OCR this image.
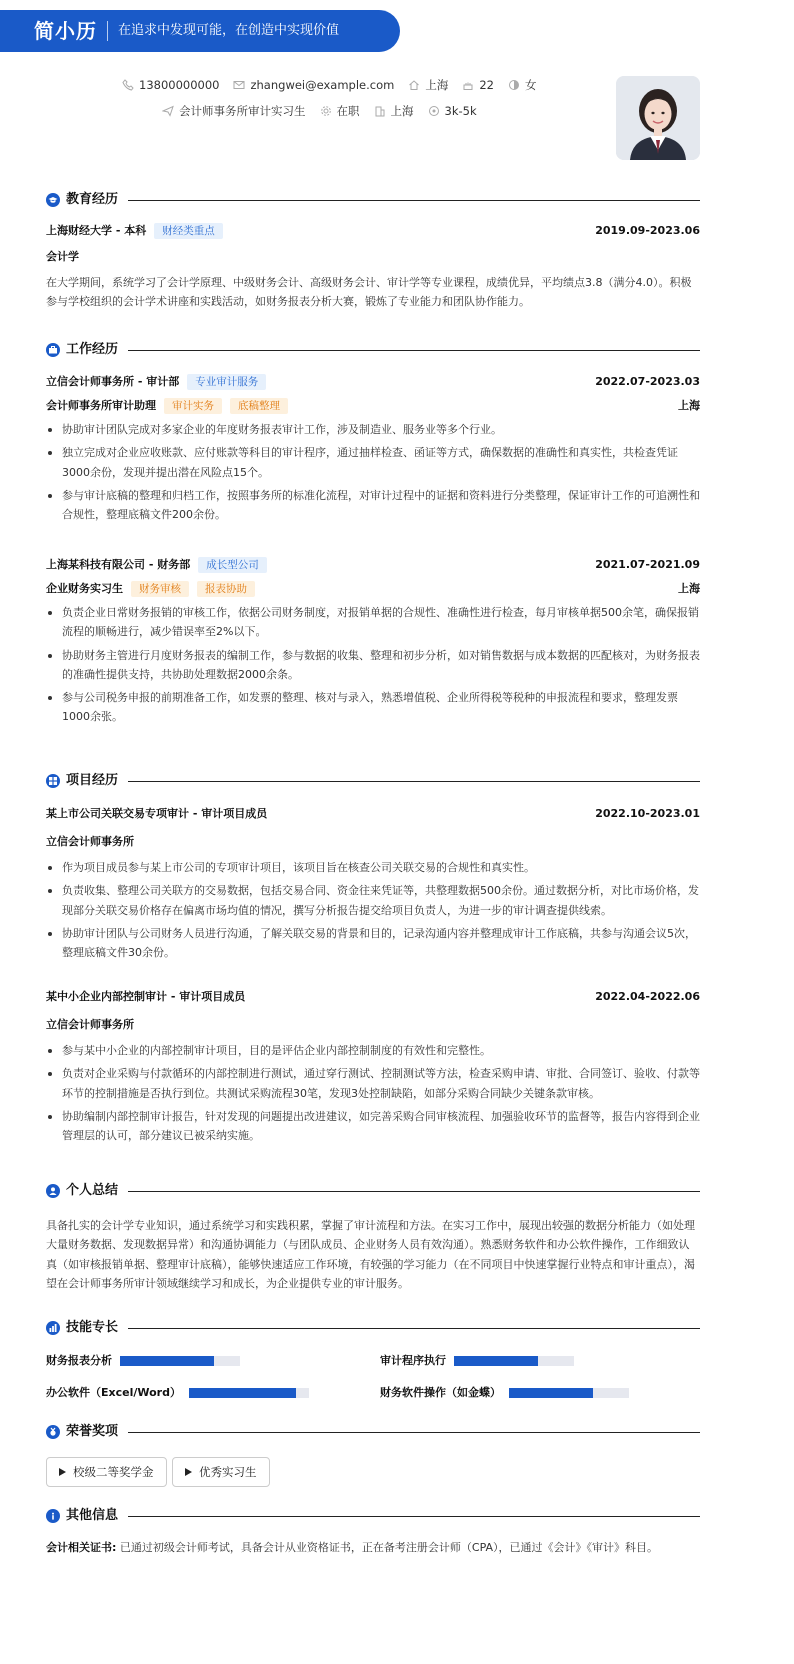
简小历 在追求中发现可能，在创造中实现价值
13800000000	zhangwei@example.com	上海	22	女
会计师事务所审计实习生	在职	上海	3k-5k
教育经历
上海财经大学 - 本科 财经类重点	2019.09-2023.06
会计学
在大学期间，系统学习了会计学原理、中级财务会计、高级财务会计、审计学等专业课程，成绩优异，平均绩点3.8（满分4.0）。积极参与学校组织的会计学术讲座和实践活动，如财务报表分析大赛，锻炼了专业能力和团队协作能力。
工作经历
立信会计师事务所 - 审计部 专业审计服务	2022.07-2023.03
会计师事务所审计助理 审计实务 底稿整理	上海
协助审计团队完成对多家企业的年度财务报表审计工作，涉及制造业、服务业等多个行业。
独立完成对企业应收账款、应付账款等科目的审计程序，通过抽样检查、函证等方式，确保数据的准确性和真实性，共检查凭证3000余份，发现并提出潜在风险点15个。
参与审计底稿的整理和归档工作，按照事务所的标准化流程，对审计过程中的证据和资料进行分类整理，保证审计工作的可追溯性和合规性，整理底稿文件200余份。
上海某科技有限公司 - 财务部 成长型公司	2021.07-2021.09
企业财务实习生 财务审核 报表协助	上海
负责企业日常财务报销的审核工作，依据公司财务制度，对报销单据的合规性、准确性进行检查，每月审核单据500余笔，确保报销流程的顺畅进行，减少错误率至2%以下。
协助财务主管进行月度财务报表的编制工作，参与数据的收集、整理和初步分析，如对销售数据与成本数据的匹配核对，为财务报表的准确性提供支持，共协助处理数据2000余条。
参与公司税务申报的前期准备工作，如发票的整理、核对与录入，熟悉增值税、企业所得税等税种的申报流程和要求，整理发票1000余张。
项目经历
某上市公司关联交易专项审计 - 审计项目成员	2022.10-2023.01
立信会计师事务所
作为项目成员参与某上市公司的专项审计项目，该项目旨在核查公司关联交易的合规性和真实性。
负责收集、整理公司关联方的交易数据，包括交易合同、资金往来凭证等，共整理数据500余份。通过数据分析，对比市场价格，发现部分关联交易价格存在偏离市场均值的情况，撰写分析报告提交给项目负责人，为进一步的审计调查提供线索。
协助审计团队与公司财务人员进行沟通，了解关联交易的背景和目的，记录沟通内容并整理成审计工作底稿，共参与沟通会议5次，整理底稿文件30余份。
某中小企业内部控制审计 - 审计项目成员	2022.04-2022.06
立信会计师事务所
参与某中小企业的内部控制审计项目，目的是评估企业内部控制制度的有效性和完整性。
负责对企业采购与付款循环的内部控制进行测试，通过穿行测试、控制测试等方法，检查采购申请、审批、合同签订、验收、付款等环节的控制措施是否执行到位。共测试采购流程30笔，发现3处控制缺陷，如部分采购合同缺少关键条款审核。
协助编制内部控制审计报告，针对发现的问题提出改进建议，如完善采购合同审核流程、加强验收环节的监督等，报告内容得到企业管理层的认可，部分建议已被采纳实施。
个人总结
具备扎实的会计学专业知识，通过系统学习和实践积累，掌握了审计流程和方法。在实习工作中，展现出较强的数据分析能力（如处理大量财务数据、发现数据异常）和沟通协调能力（与团队成员、企业财务人员有效沟通）。熟悉财务软件和办公软件操作，工作细致认真（如审核报销单据、整理审计底稿），能够快速适应工作环境，有较强的学习能力（在不同项目中快速掌握行业特点和审计重点），渴望在会计师事务所审计领域继续学习和成长，为企业提供专业的审计服务。
技能专长
财务报表分析	审计程序执行
办公软件（Excel/Word）	财务软件操作（如金蝶）
荣誉奖项
校级二等奖学金	优秀实习生
其他信息
会计相关证书: 已通过初级会计师考试，具备会计从业资格证书，正在备考注册会计师（CPA），已通过《会计》《审计》科目。
